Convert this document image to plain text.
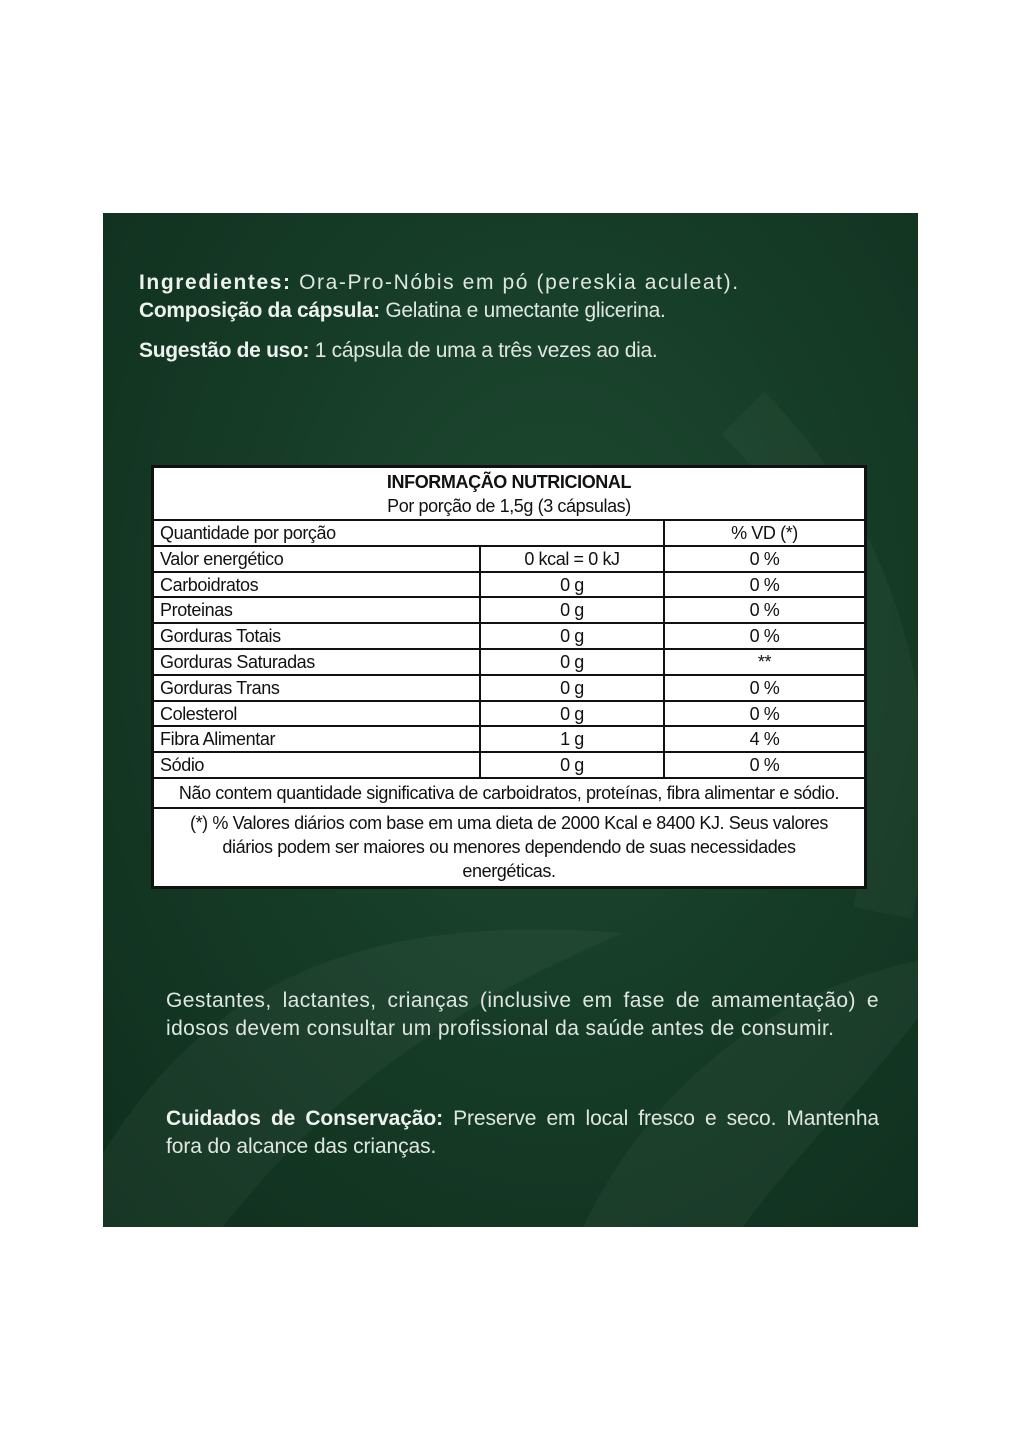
Ingredientes: Ora-Pro-Nóbis em pó (pereskia aculeat).
Composição da cápsula: Gelatina e umectante glicerina.
Sugestão de uso: 1 cápsula de uma a três vezes ao dia.
INFORMAÇÃO NUTRICIONAL
Por porção de 1,5g (3 cápsulas)
Quantidade por porção	% VD (*)
Valor energético	0 kcal = 0 kJ	0 %
Carboidratos	0 g	0 %
Proteinas	0 g	0 %
Gorduras Totais	0 g	0 %
Gorduras Saturadas	0 g	**
Gorduras Trans	0 g	0 %
Colesterol	0 g	0 %
Fibra Alimentar	1 g	4 %
Sódio	0 g	0 %
Não contem quantidade significativa de carboidratos, proteínas, fibra alimentar e sódio.
(*) % Valores diários com base em uma dieta de 2000 Kcal e 8400 KJ. Seus valores diários podem ser maiores ou menores dependendo de suas necessidades energéticas.
Gestantes, lactantes, crianças (inclusive em fase de amamentação) e idosos devem consultar um profissional da saúde antes de consumir.
Cuidados de Conservação: Preserve em local fresco e seco. Mantenha fora do alcance das crianças.
